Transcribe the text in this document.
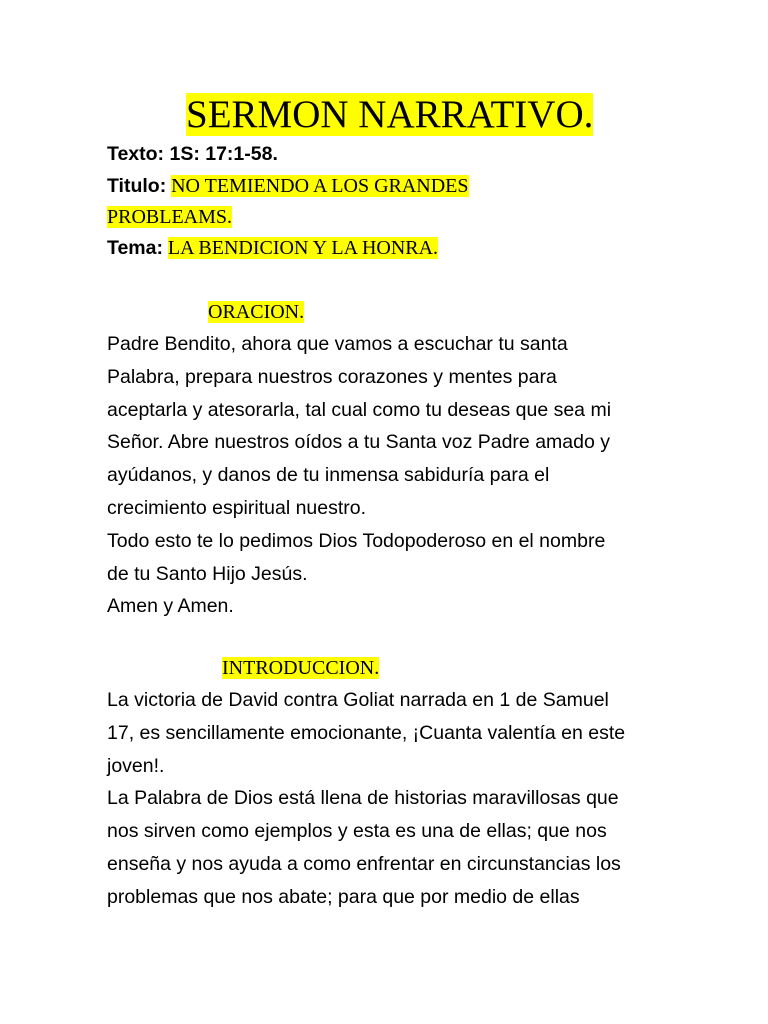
SERMON NARRATIVO.
Texto: 1S: 17:1-58.
Titulo: NO TEMIENDO A LOS GRANDES
PROBLEAMS.
Tema: LA BENDICION Y LA HONRA.
ORACION.
Padre Bendito, ahora que vamos a escuchar tu santa
Palabra, prepara nuestros corazones y mentes para
aceptarla y atesorarla, tal cual como tu deseas que sea mi
Señor. Abre nuestros oídos a tu Santa voz Padre amado y
ayúdanos, y danos de tu inmensa sabiduría para el
crecimiento espiritual nuestro.
Todo esto te lo pedimos Dios Todopoderoso en el nombre
de tu Santo Hijo Jesús.
Amen y Amen.
INTRODUCCION.
La victoria de David contra Goliat narrada en 1 de Samuel
17, es sencillamente emocionante, ¡Cuanta valentía en este
joven!.
La Palabra de Dios está llena de historias maravillosas que
nos sirven como ejemplos y esta es una de ellas; que nos
enseña y nos ayuda a como enfrentar en circunstancias los
problemas que nos abate; para que por medio de ellas
